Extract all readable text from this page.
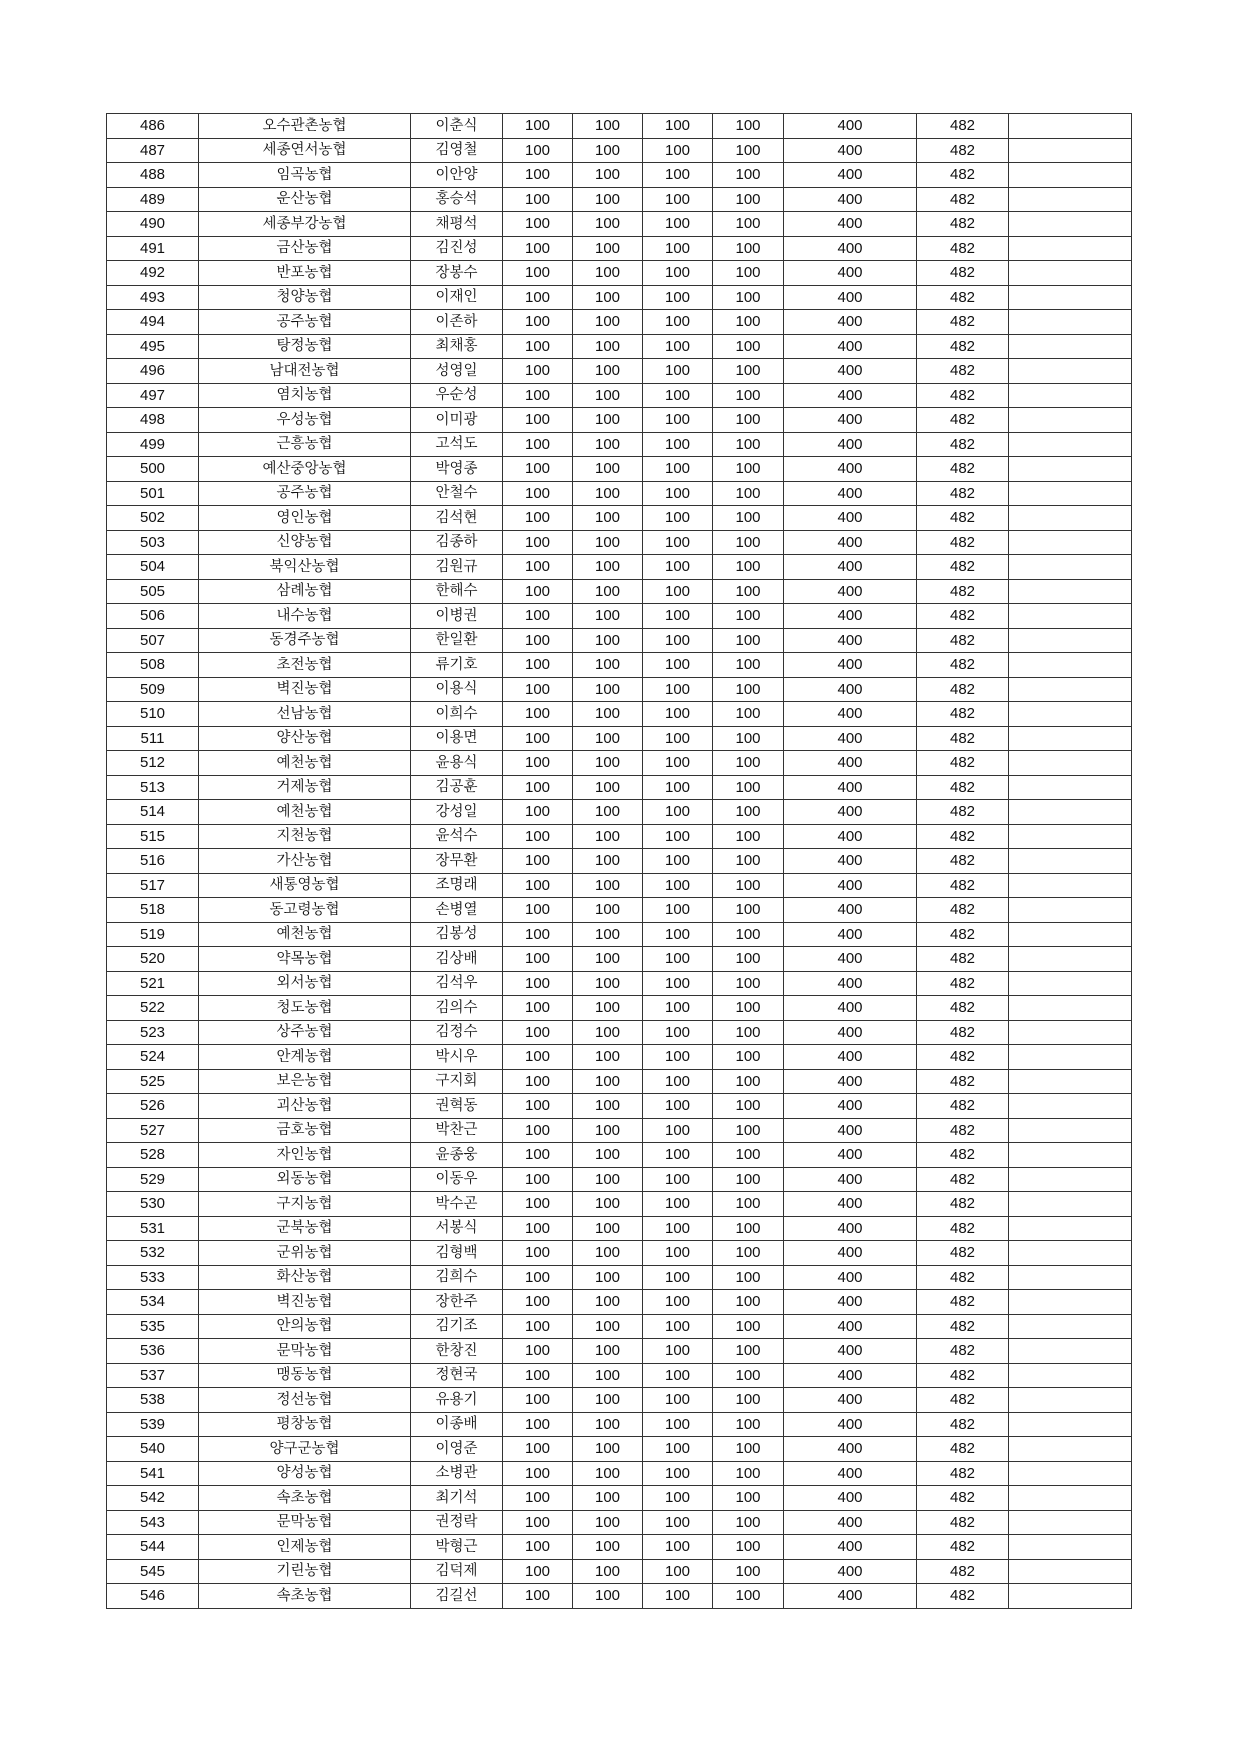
486	오수관촌농협	이춘식	100	100	100	100	400	482	
487	세종연서농협	김영철	100	100	100	100	400	482	
488	임곡농협	이안양	100	100	100	100	400	482	
489	운산농협	홍승석	100	100	100	100	400	482	
490	세종부강농협	채평석	100	100	100	100	400	482	
491	금산농협	김진성	100	100	100	100	400	482	
492	반포농협	장봉수	100	100	100	100	400	482	
493	청양농협	이재인	100	100	100	100	400	482	
494	공주농협	이존하	100	100	100	100	400	482	
495	탕정농협	최채홍	100	100	100	100	400	482	
496	남대전농협	성영일	100	100	100	100	400	482	
497	염치농협	우순성	100	100	100	100	400	482	
498	우성농협	이미광	100	100	100	100	400	482	
499	근흥농협	고석도	100	100	100	100	400	482	
500	예산중앙농협	박영종	100	100	100	100	400	482	
501	공주농협	안철수	100	100	100	100	400	482	
502	영인농협	김석현	100	100	100	100	400	482	
503	신양농협	김종하	100	100	100	100	400	482	
504	북익산농협	김원규	100	100	100	100	400	482	
505	삼례농협	한해수	100	100	100	100	400	482	
506	내수농협	이병권	100	100	100	100	400	482	
507	동경주농협	한일환	100	100	100	100	400	482	
508	초전농협	류기호	100	100	100	100	400	482	
509	벽진농협	이용식	100	100	100	100	400	482	
510	선남농협	이희수	100	100	100	100	400	482	
511	양산농협	이용면	100	100	100	100	400	482	
512	예천농협	윤용식	100	100	100	100	400	482	
513	거제농협	김공훈	100	100	100	100	400	482	
514	예천농협	강성일	100	100	100	100	400	482	
515	지천농협	윤석수	100	100	100	100	400	482	
516	가산농협	장무환	100	100	100	100	400	482	
517	새통영농협	조명래	100	100	100	100	400	482	
518	동고령농협	손병열	100	100	100	100	400	482	
519	예천농협	김봉성	100	100	100	100	400	482	
520	약목농협	김상배	100	100	100	100	400	482	
521	외서농협	김석우	100	100	100	100	400	482	
522	청도농협	김의수	100	100	100	100	400	482	
523	상주농협	김정수	100	100	100	100	400	482	
524	안계농협	박시우	100	100	100	100	400	482	
525	보은농협	구지회	100	100	100	100	400	482	
526	괴산농협	권혁동	100	100	100	100	400	482	
527	금호농협	박찬근	100	100	100	100	400	482	
528	자인농협	윤종웅	100	100	100	100	400	482	
529	외동농협	이동우	100	100	100	100	400	482	
530	구지농협	박수곤	100	100	100	100	400	482	
531	군북농협	서봉식	100	100	100	100	400	482	
532	군위농협	김형백	100	100	100	100	400	482	
533	화산농협	김희수	100	100	100	100	400	482	
534	벽진농협	장한주	100	100	100	100	400	482	
535	안의농협	김기조	100	100	100	100	400	482	
536	문막농협	한창진	100	100	100	100	400	482	
537	맹동농협	정현국	100	100	100	100	400	482	
538	정선농협	유용기	100	100	100	100	400	482	
539	평창농협	이종배	100	100	100	100	400	482	
540	양구군농협	이영준	100	100	100	100	400	482	
541	양성농협	소병관	100	100	100	100	400	482	
542	속초농협	최기석	100	100	100	100	400	482	
543	문막농협	권정락	100	100	100	100	400	482	
544	인제농협	박형근	100	100	100	100	400	482	
545	기린농협	김덕제	100	100	100	100	400	482	
546	속초농협	김길선	100	100	100	100	400	482	
